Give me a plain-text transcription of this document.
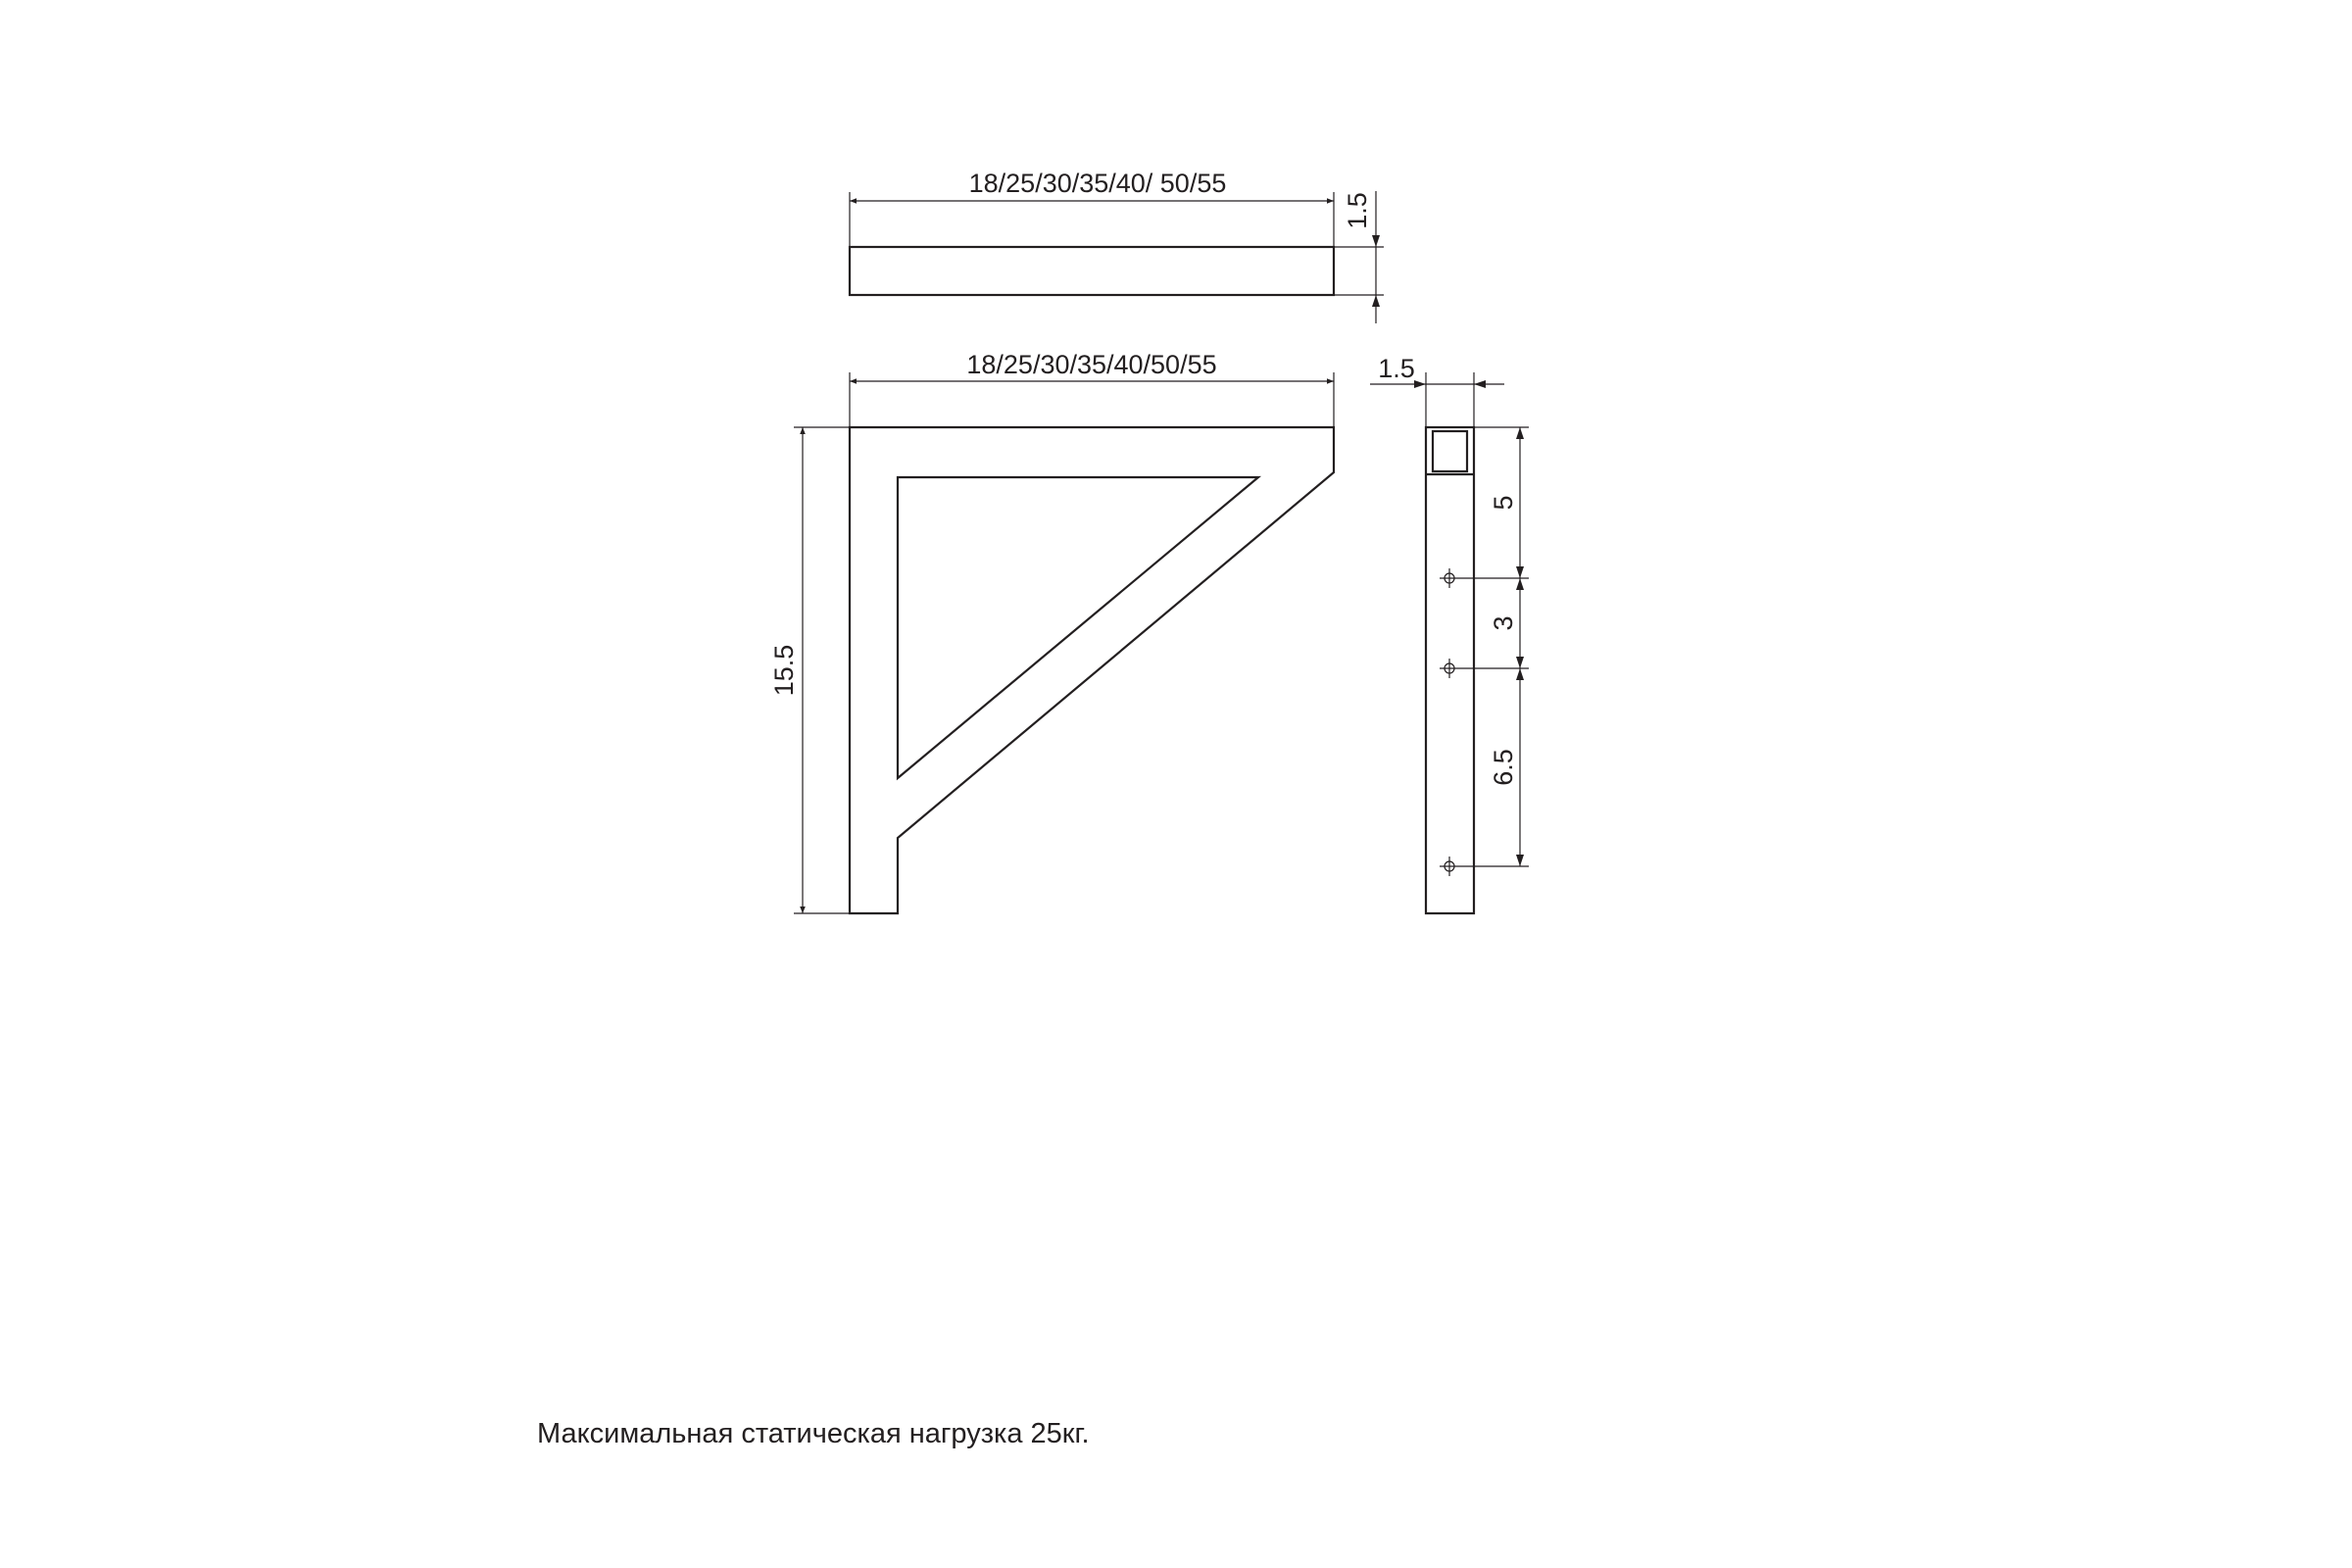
18/25/30/35/40/ 50/55
1.5
18/25/30/35/40/50/55
15.5
1.5
5
3
6.5
Максимальная статическая нагрузка 25кг.
